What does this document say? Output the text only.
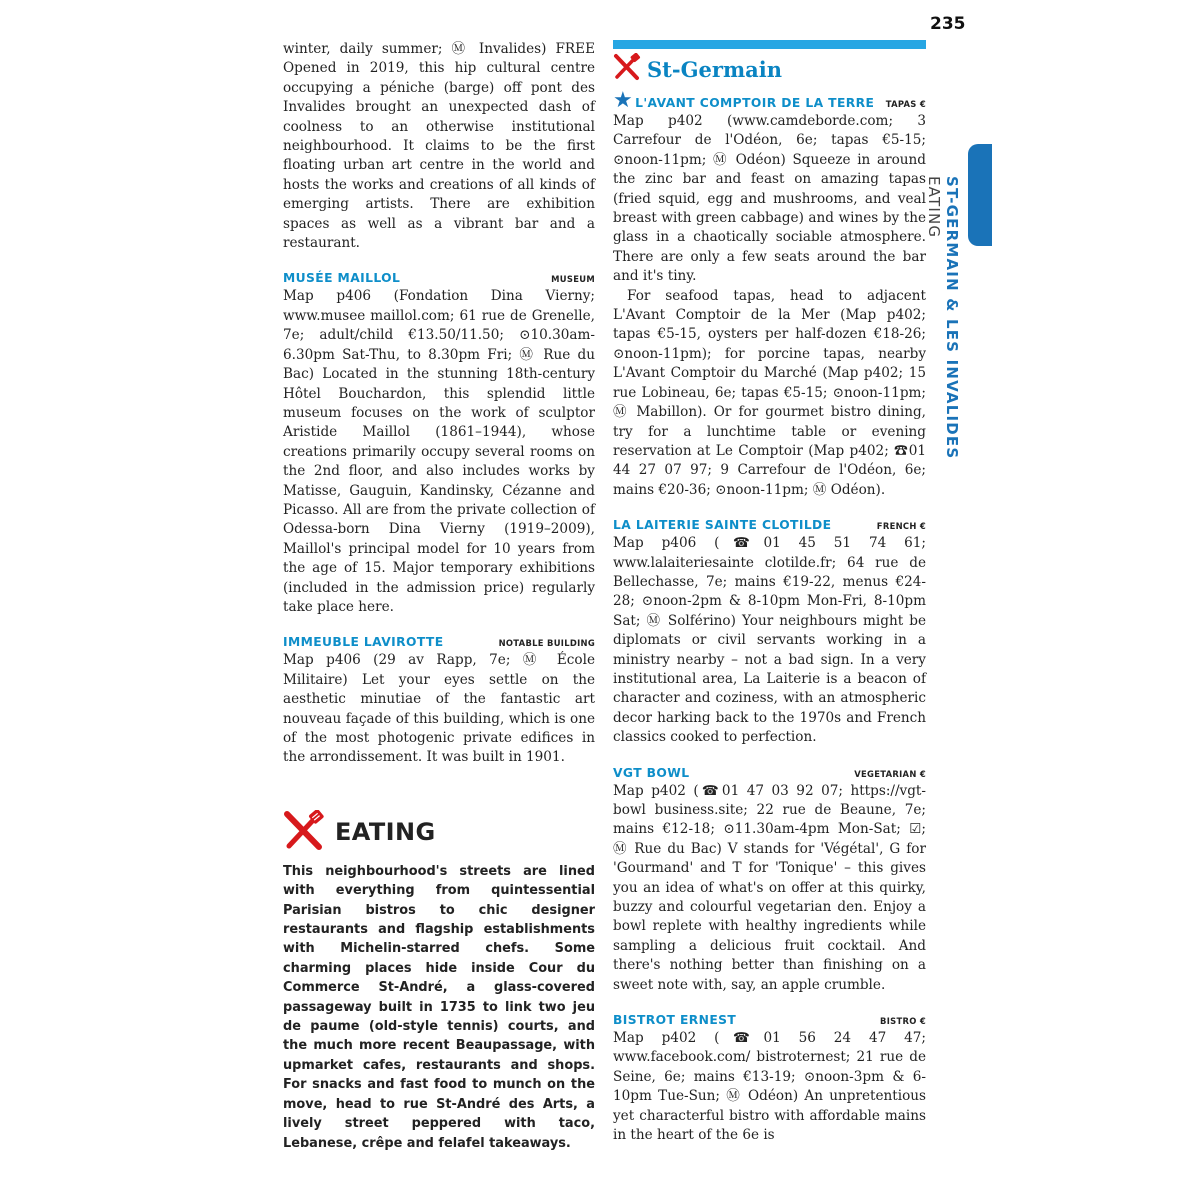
235

winter, daily summer; Ⓜ Invalides) FREE Opened in 2019, this hip cultural centre occupying a péniche (barge) off pont des Invalides brought an unexpected dash of coolness to an otherwise institutional neighbourhood. It claims to be the first floating urban art centre in the world and hosts the works and creations of all kinds of emerging artists. There are exhibition spaces as well as a vibrant bar and a restaurant.

MUSÉE MAILLOL	MUSEUM

Map p406 (Fondation Dina Vierny; www.musee maillol.com; 61 rue de Grenelle, 7e; adult/child €13.50/11.50; ⊙10.30am-6.30pm Sat-Thu, to 8.30pm Fri; Ⓜ Rue du Bac) Located in the stunning 18th-century Hôtel Bouchardon, this splendid little museum focuses on the work of sculptor Aristide Maillol (1861–1944), whose creations primarily occupy several rooms on the 2nd floor, and also includes works by Matisse, Gauguin, Kandinsky, Cézanne and Picasso. All are from the private collection of Odessa-born Dina Vierny (1919–2009), Maillol's principal model for 10 years from the age of 15. Major temporary exhibitions (included in the admission price) regularly take place here.

IMMEUBLE LAVIROTTE	NOTABLE BUILDING

Map p406 (29 av Rapp, 7e; Ⓜ École Militaire) Let your eyes settle on the aesthetic minutiae of the fantastic art nouveau façade of this building, which is one of the most photogenic private edifices in the arrondissement. It was built in 1901.

EATING

This neighbourhood's streets are lined with everything from quintessential Parisian bistros to chic designer restaurants and flagship establishments with Michelin-starred chefs. Some charming places hide inside Cour du Commerce St-André, a glass-covered passageway built in 1735 to link two jeu de paume (old-style tennis) courts, and the much more recent Beaupassage, with upmarket cafes, restaurants and shops. For snacks and fast food to munch on the move, head to rue St-André des Arts, a lively street peppered with taco, Lebanese, crêpe and felafel takeaways.

St-Germain
★ L'AVANT COMPTOIR DE LA TERRE TAPAS €

Map p402 (www.camdeborde.com; 3 Carrefour de l'Odéon, 6e; tapas €5-15; ⊙noon-11pm; Ⓜ Odéon) Squeeze in around the zinc bar and feast on amazing tapas (fried squid, egg and mushrooms, and veal breast with green cabbage) and wines by the glass in a chaotically sociable atmosphere. There are only a few seats around the bar and it's tiny.

For seafood tapas, head to adjacent L'Avant Comptoir de la Mer (Map p402; tapas €5-15, oysters per half-dozen €18-26; ⊙noon-11pm); for porcine tapas, nearby L'Avant Comptoir du Marché (Map p402; 15 rue Lobineau, 6e; tapas €5-15; ⊙noon-11pm; Ⓜ Mabillon). Or for gourmet bistro dining, try for a lunchtime table or evening reservation at Le Comptoir (Map p402; ☎01 44 27 07 97; 9 Carrefour de l'Odéon, 6e; mains €20-36; ⊙noon-11pm; Ⓜ Odéon).

LA LAITERIE SAINTE CLOTILDE	FRENCH €

Map p406 (☎01 45 51 74 61; www.lalaiteriesainte clotilde.fr; 64 rue de Bellechasse, 7e; mains €19-22, menus €24-28; ⊙noon-2pm & 8-10pm Mon-Fri, 8-10pm Sat; Ⓜ Solférino) Your neighbours might be diplomats or civil servants working in a ministry nearby – not a bad sign. In a very institutional area, La Laiterie is a beacon of character and coziness, with an atmospheric decor harking back to the 1970s and French classics cooked to perfection.

VGT BOWL	VEGETARIAN €

Map p402 (☎01 47 03 92 07; https://vgt-bowl business.site; 22 rue de Beaune, 7e; mains €12-18; ⊙11.30am-4pm Mon-Sat; ☑; Ⓜ Rue du Bac) V stands for 'Végétal', G for 'Gourmand' and T for 'Tonique' – this gives you an idea of what's on offer at this quirky, buzzy and colourful vegetarian den. Enjoy a bowl replete with healthy ingredients while sampling a delicious fruit cocktail. And there's nothing better than finishing on a sweet note with, say, an apple crumble.

BISTROT ERNEST	BISTRO €

Map p402 (☎01 56 24 47 47; www.facebook.com/ bistroternest; 21 rue de Seine, 6e; mains €13-19; ⊙noon-3pm & 6-10pm Tue-Sun; Ⓜ Odéon) An unpretentious yet characterful bistro with affordable mains in the heart of the 6e is

ST-GERMAIN & LES INVALIDES EATING
